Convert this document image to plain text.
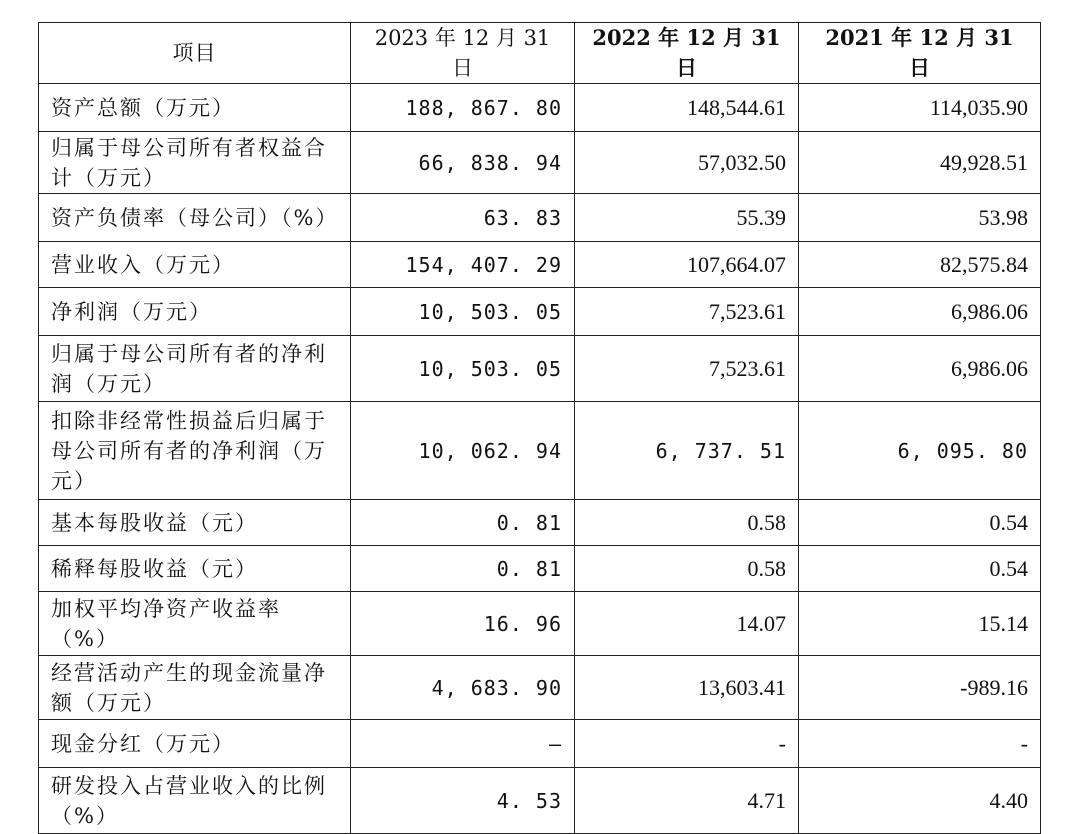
项目	2023 年 12 月 31 日	2022 年 12 月 31 日	2021 年 12 月 31 日
资产总额（万元）	188, 867. 80	148,544.61	114,035.90
归属于母公司所有者权益合计（万元）	66, 838. 94	57,032.50	49,928.51
资产负债率（母公司）（%）	63. 83	55.39	53.98
营业收入（万元）	154, 407. 29	107,664.07	82,575.84
净利润（万元）	10, 503. 05	7,523.61	6,986.06
归属于母公司所有者的净利润（万元）	10, 503. 05	7,523.61	6,986.06
扣除非经常性损益后归属于母公司所有者的净利润（万元）	10, 062. 94	6, 737. 51	6, 095. 80
基本每股收益（元）	0. 81	0.58	0.54
稀释每股收益（元）	0. 81	0.58	0.54
加权平均净资产收益率（%）	16. 96	14.07	15.14
经营活动产生的现金流量净额（万元）	4, 683. 90	13,603.41	-989.16
现金分红（万元）	–	-	-
研发投入占营业收入的比例（%）	4. 53	4.71	4.40
